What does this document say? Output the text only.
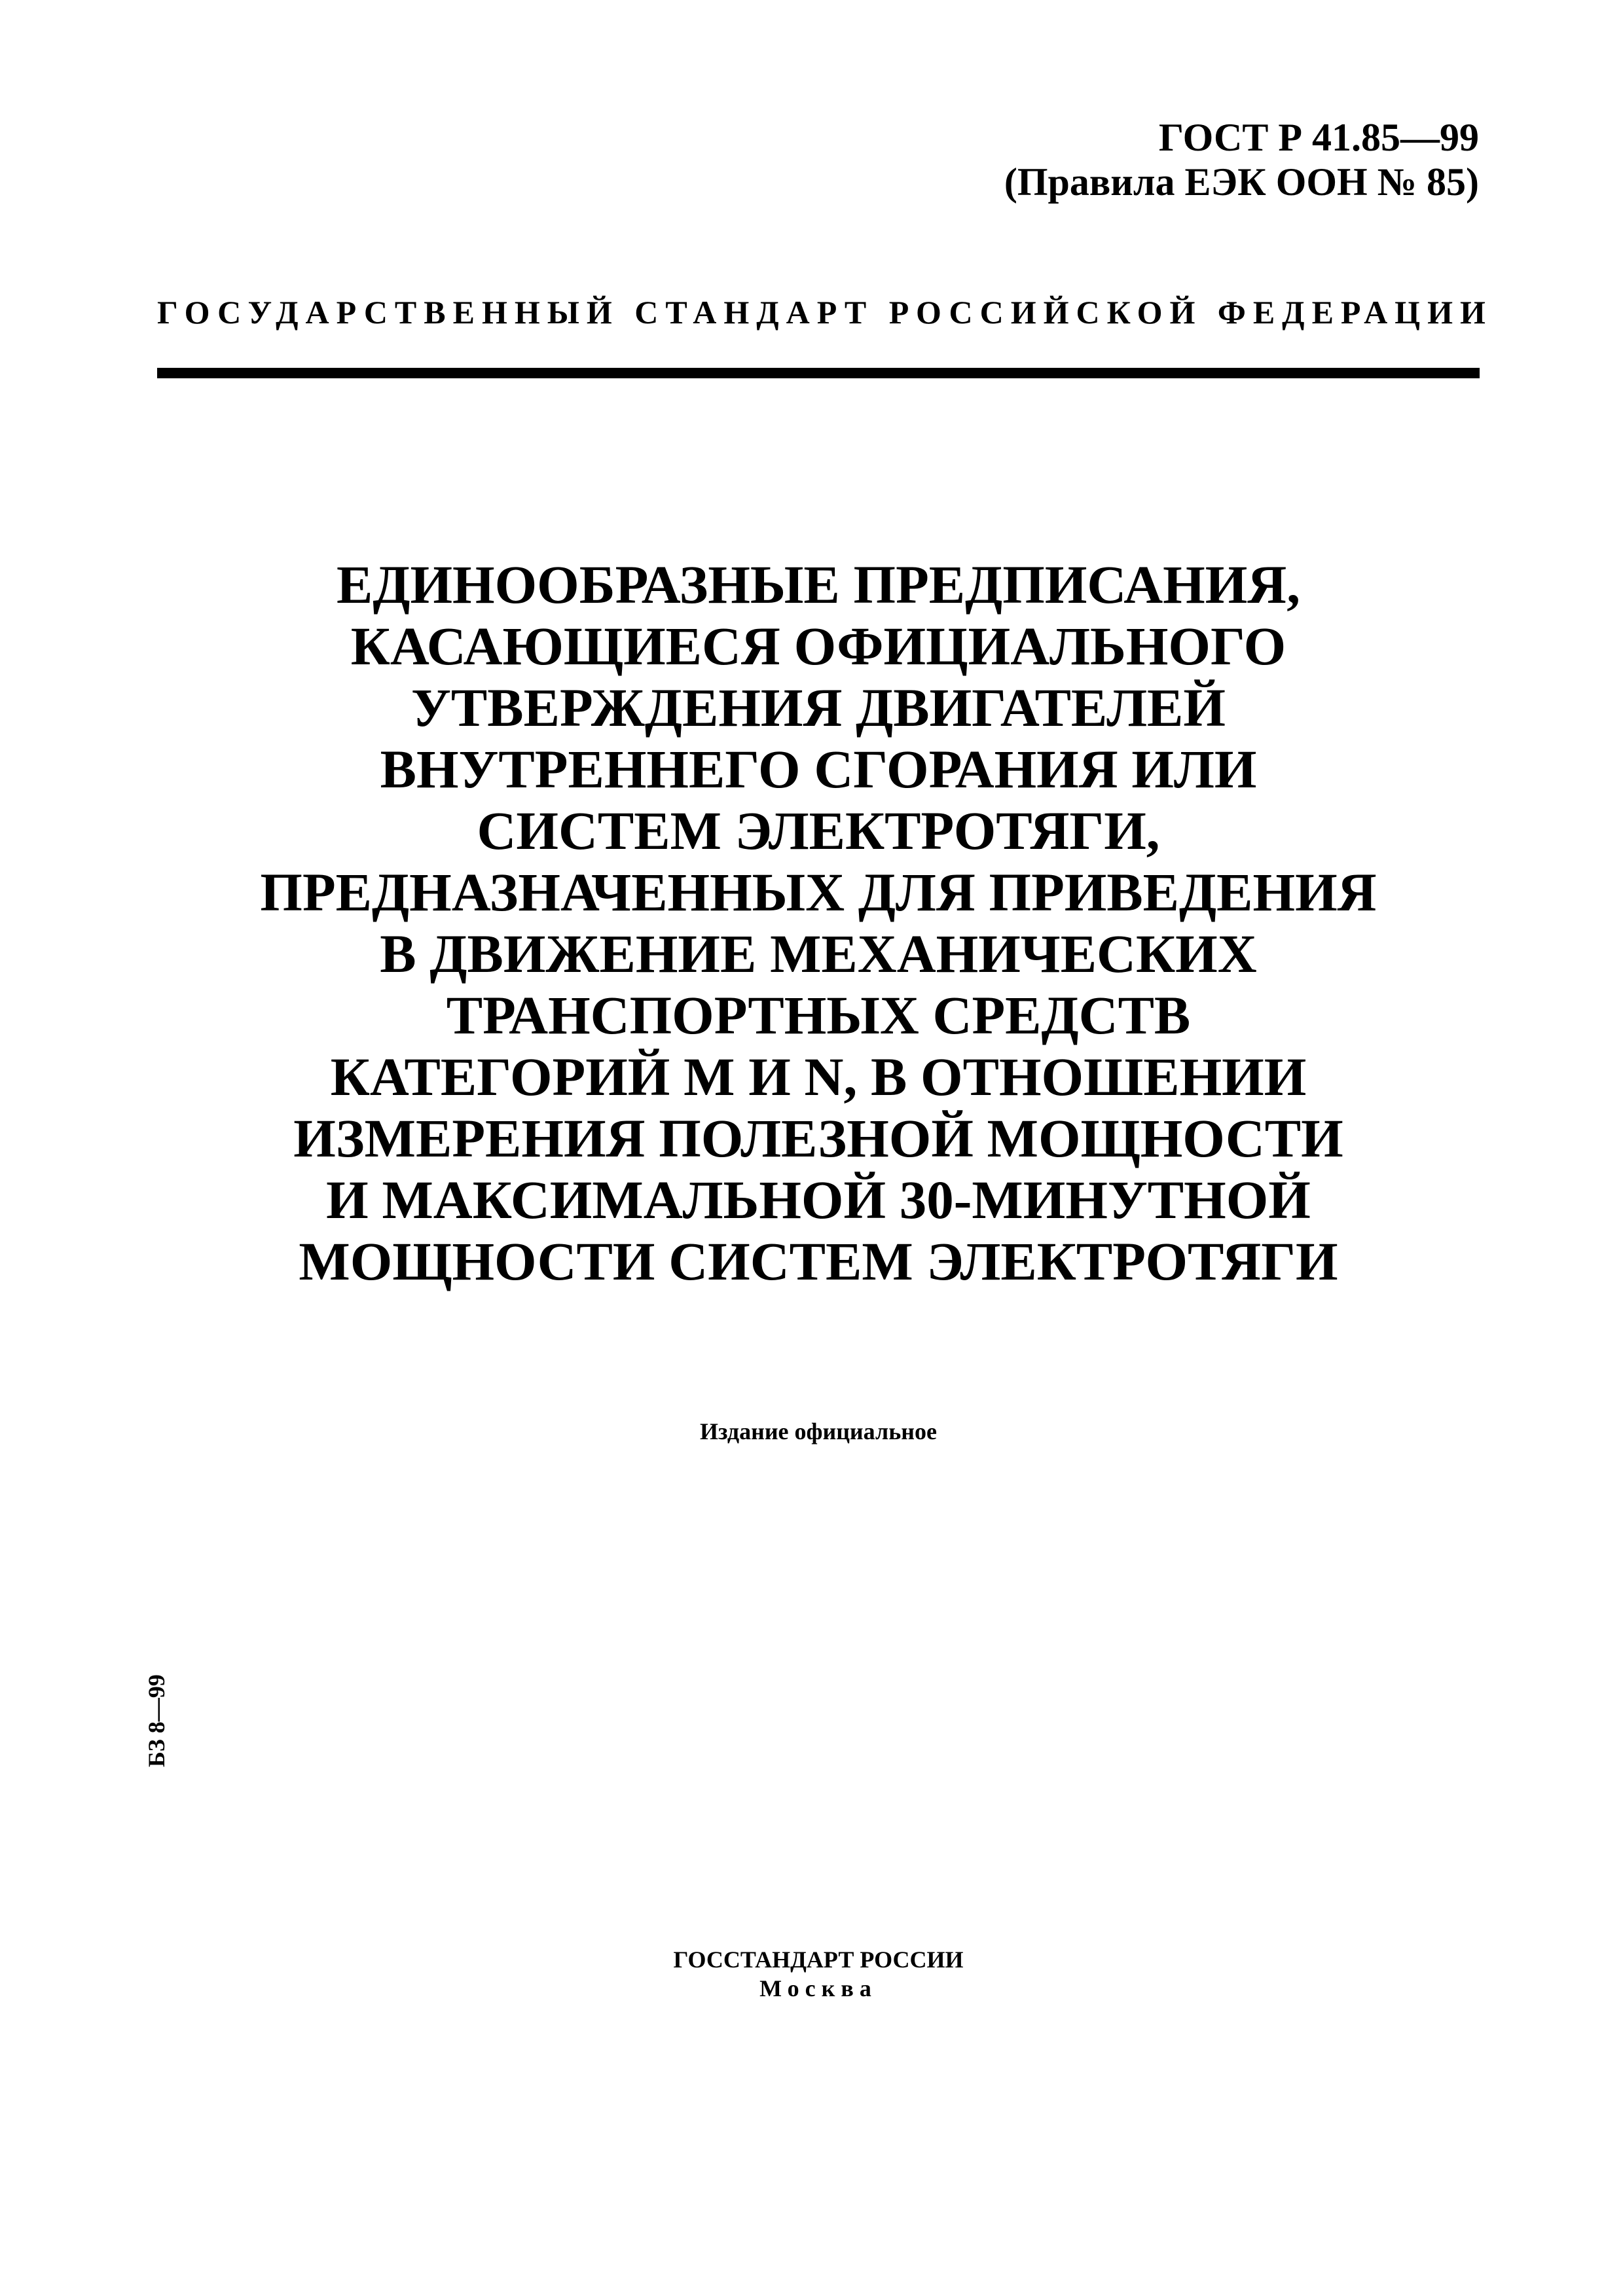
ГОСТ Р 41.85—99
(Правила ЕЭК ООН № 85)
ГОСУДАРСТВЕННЫЙ СТАНДАРТ РОССИЙСКОЙ ФЕДЕРАЦИИ
ЕДИНООБРАЗНЫЕ ПРЕДПИСАНИЯ,
КАСАЮЩИЕСЯ ОФИЦИАЛЬНОГО
УТВЕРЖДЕНИЯ ДВИГАТЕЛЕЙ
ВНУТРЕННЕГО СГОРАНИЯ ИЛИ
СИСТЕМ ЭЛЕКТРОТЯГИ,
ПРЕДНАЗНАЧЕННЫХ ДЛЯ ПРИВЕДЕНИЯ
В ДВИЖЕНИЕ МЕХАНИЧЕСКИХ
ТРАНСПОРТНЫХ СРЕДСТВ
КАТЕГОРИЙ М И N, В ОТНОШЕНИИ
ИЗМЕРЕНИЯ ПОЛЕЗНОЙ МОЩНОСТИ
И МАКСИМАЛЬНОЙ 30-МИНУТНОЙ
МОЩНОСТИ СИСТЕМ ЭЛЕКТРОТЯГИ
Издание официальное
БЗ 8—99
ГОССТАНДАРТ РОССИИ
Москва
